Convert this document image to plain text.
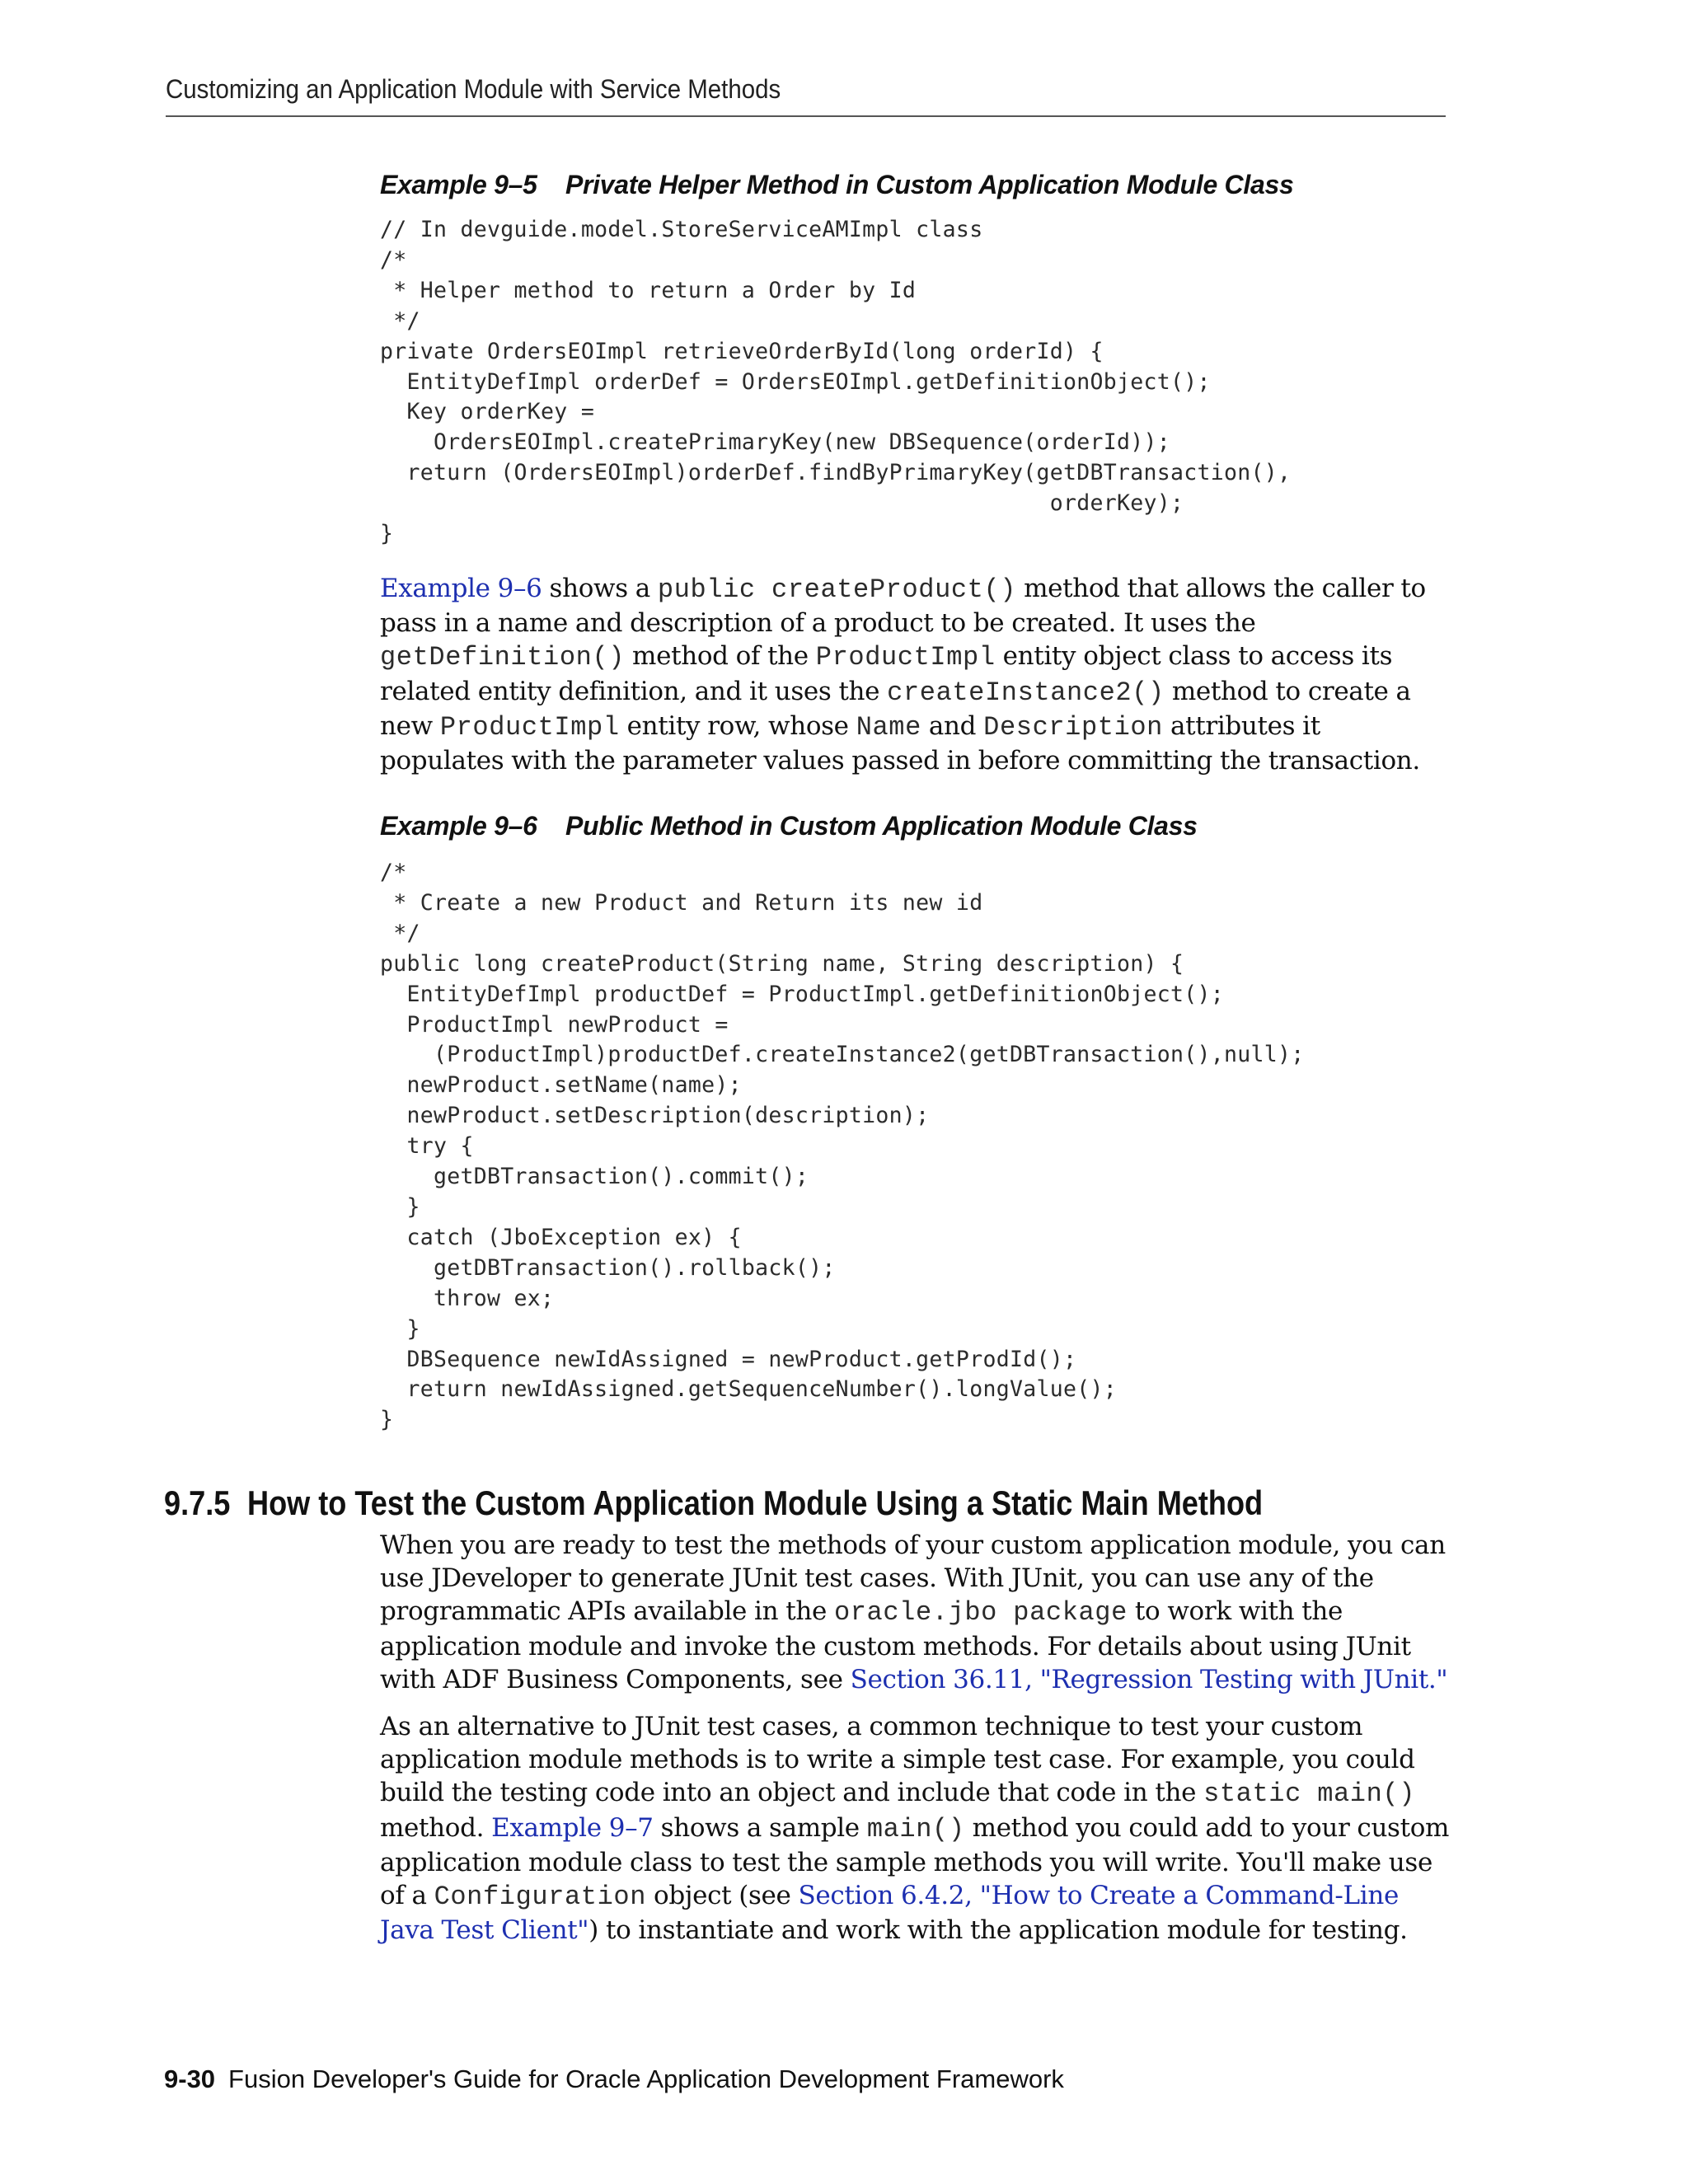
Customizing an Application Module with Service Methods
Example 9–5    Private Helper Method in Custom Application Module Class
// In devguide.model.StoreServiceAMImpl class
/*
* Helper method to return a Order by Id
*/
private OrdersEOImpl retrieveOrderById(long orderId) {
EntityDefImpl orderDef = OrdersEOImpl.getDefinitionObject();
Key orderKey =
OrdersEOImpl.createPrimaryKey(new DBSequence(orderId));
return (OrdersEOImpl)orderDef.findByPrimaryKey(getDBTransaction(),
orderKey);
}

Example 9–6 shows a public createProduct() method that allows the caller to pass in a name and description of a product to be created. It uses the getDefinition() method of the ProductImpl entity object class to access its related entity definition, and it uses the createInstance2() method to create a new ProductImpl entity row, whose Name and Description attributes it populates with the parameter values passed in before committing the transaction.

Example 9–6    Public Method in Custom Application Module Class
/*
* Create a new Product and Return its new id
*/
public long createProduct(String name, String description) {
EntityDefImpl productDef = ProductImpl.getDefinitionObject();
ProductImpl newProduct =
(ProductImpl)productDef.createInstance2(getDBTransaction(),null);
newProduct.setName(name);
newProduct.setDescription(description);
try {
getDBTransaction().commit();
}
catch (JboException ex) {
getDBTransaction().rollback();
throw ex;
}
DBSequence newIdAssigned = newProduct.getProdId();
return newIdAssigned.getSequenceNumber().longValue();
}
9.7.5 How to Test the Custom Application Module Using a Static Main Method

When you are ready to test the methods of your custom application module, you can use JDeveloper to generate JUnit test cases. With JUnit, you can use any of the programmatic APIs available in the oracle.jbo package to work with the application module and invoke the custom methods. For details about using JUnit with ADF Business Components, see Section 36.11, "Regression Testing with JUnit."

As an alternative to JUnit test cases, a common technique to test your custom application module methods is to write a simple test case. For example, you could build the testing code into an object and include that code in the static main() method. Example 9–7 shows a sample main() method you could add to your custom application module class to test the sample methods you will write. You'll make use of a Configuration object (see Section 6.4.2, "How to Create a Command-Line Java Test Client") to instantiate and work with the application module for testing.

9-30 Fusion Developer's Guide for Oracle Application Development Framework
